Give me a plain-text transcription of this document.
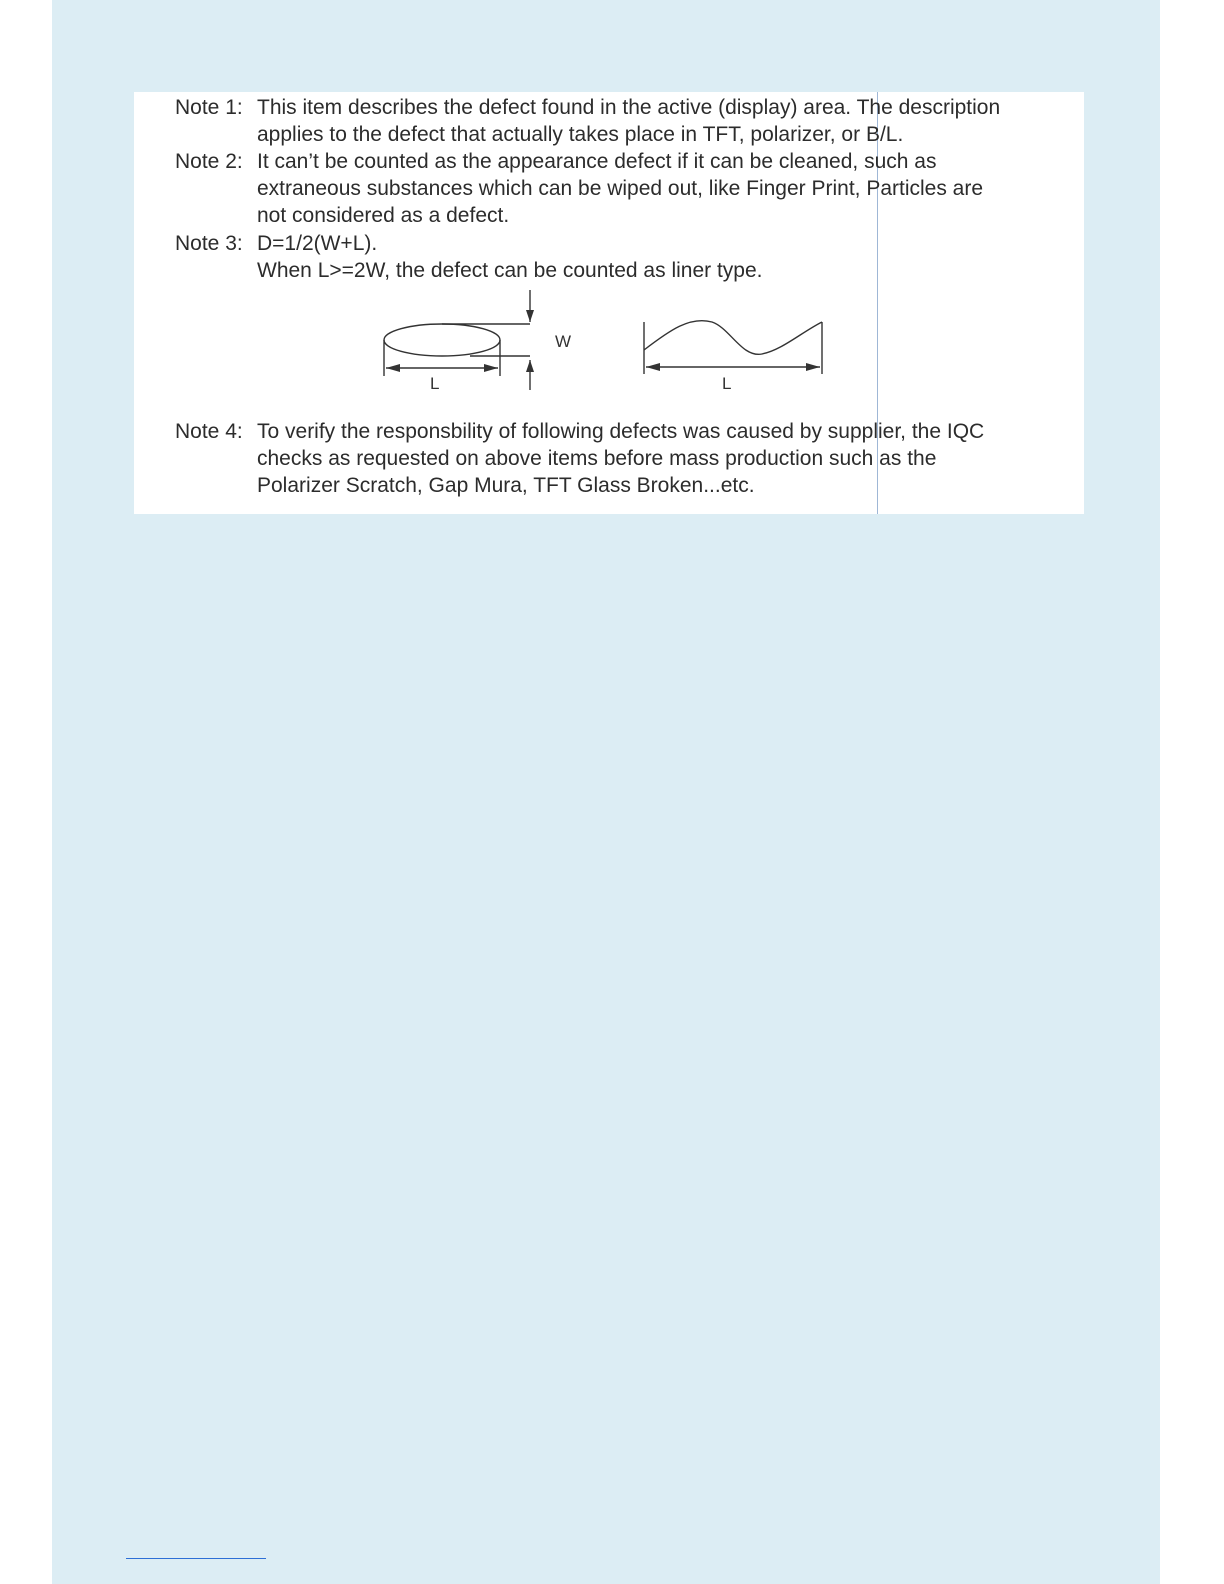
Note 1: This item describes the defect found in the active (display) area. The description
applies to the defect that actually takes place in TFT, polarizer, or B/L.
Note 2: It can’t be counted as the appearance defect if it can be cleaned, such as
extraneous substances which can be wiped out, like Finger Print, Particles are
not considered as a defect.
Note 3: D=1/2(W+L).
When L>=2W, the defect can be counted as liner type.
W
L	L
Note 4: To verify the responsbility of following defects was caused by supplier, the IQC
checks as requested on above items before mass production such as the
Polarizer Scratch, Gap Mura, TFT Glass Broken...etc.
